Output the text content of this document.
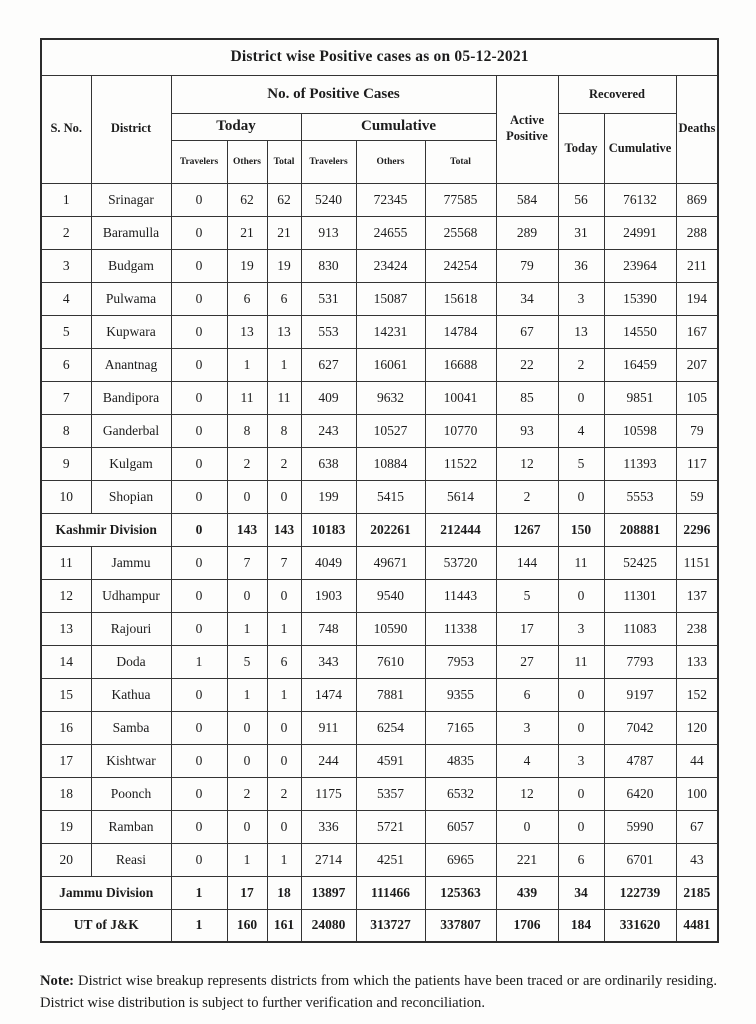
District wise Positive cases as on 05-12-2021											
S. No.	District	No. of Positive Cases						Active Positive	Recovered		Deaths
		Today			Cumulative				Today	Cumulative	
		Travelers	Others	Total	Travelers	Others	Total				
1	Srinagar	0	62	62	5240	72345	77585	584	56	76132	869
2	Baramulla	0	21	21	913	24655	25568	289	31	24991	288
3	Budgam	0	19	19	830	23424	24254	79	36	23964	211
4	Pulwama	0	6	6	531	15087	15618	34	3	15390	194
5	Kupwara	0	13	13	553	14231	14784	67	13	14550	167
6	Anantnag	0	1	1	627	16061	16688	22	2	16459	207
7	Bandipora	0	11	11	409	9632	10041	85	0	9851	105
8	Ganderbal	0	8	8	243	10527	10770	93	4	10598	79
9	Kulgam	0	2	2	638	10884	11522	12	5	11393	117
10	Shopian	0	0	0	199	5415	5614	2	0	5553	59
Kashmir Division		0	143	143	10183	202261	212444	1267	150	208881	2296
11	Jammu	0	7	7	4049	49671	53720	144	11	52425	1151
12	Udhampur	0	0	0	1903	9540	11443	5	0	11301	137
13	Rajouri	0	1	1	748	10590	11338	17	3	11083	238
14	Doda	1	5	6	343	7610	7953	27	11	7793	133
15	Kathua	0	1	1	1474	7881	9355	6	0	9197	152
16	Samba	0	0	0	911	6254	7165	3	0	7042	120
17	Kishtwar	0	0	0	244	4591	4835	4	3	4787	44
18	Poonch	0	2	2	1175	5357	6532	12	0	6420	100
19	Ramban	0	0	0	336	5721	6057	0	0	5990	67
20	Reasi	0	1	1	2714	4251	6965	221	6	6701	43
Jammu Division		1	17	18	13897	111466	125363	439	34	122739	2185
UT of J&K		1	160	161	24080	313727	337807	1706	184	331620	4481

Note: District wise breakup represents districts from which the patients have been traced or are ordinarily residing. District wise distribution is subject to further verification and reconciliation.
